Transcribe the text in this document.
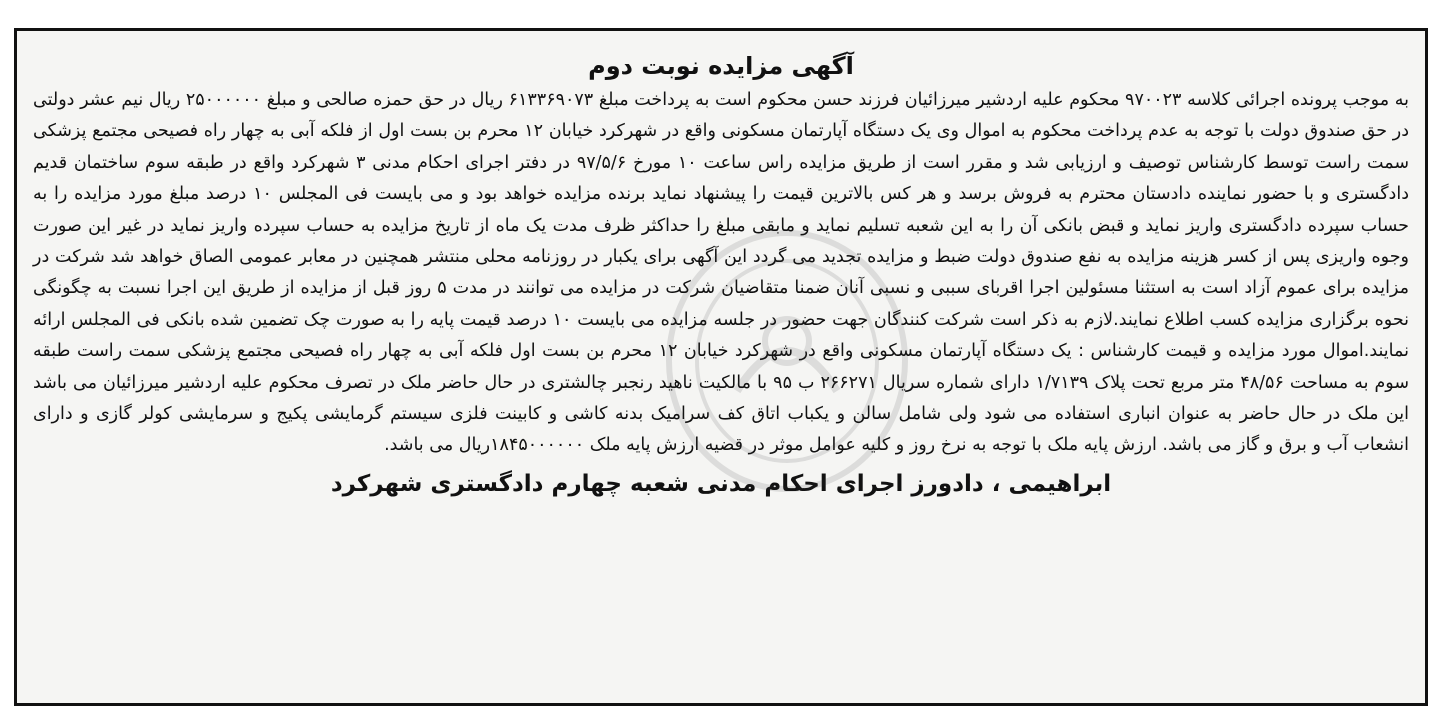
آگهی مزایده نوبت دوم

به موجب پرونده اجرائی کلاسه ۹۷۰۰۲۳ محکوم علیه اردشیر میرزائیان فرزند حسن محکوم است به پرداخت مبلغ ۶۱۳۳۶۹۰۷۳ ریال در حق حمزه صالحی و مبلغ ۲۵۰۰۰۰۰۰ ریال نیم عشر دولتی در حق صندوق دولت با توجه به عدم پرداخت محکوم به اموال وی یک دستگاه آپارتمان مسکونی واقع در شهرکرد خیابان ۱۲ محرم بن بست اول از فلکه آبی به چهار راه فصیحی مجتمع پزشکی سمت راست توسط کارشناس توصیف و ارزیابی شد و مقرر است از طریق مزایده راس ساعت ۱۰ مورخ ۹۷/۵/۶ در دفتر اجرای احکام مدنی ۳ شهرکرد واقع در طبقه سوم ساختمان قدیم دادگستری و با حضور نماینده دادستان محترم به فروش برسد و هر کس بالاترین قیمت را پیشنهاد نماید برنده مزایده خواهد بود و می بایست فی المجلس ۱۰ درصد مبلغ مورد مزایده را به حساب سپرده دادگستری واریز نماید و قبض بانکی آن را به این شعبه تسلیم نماید و مابقی مبلغ را حداکثر ظرف مدت یک ماه از تاریخ مزایده به حساب سپرده واریز نماید در غیر این صورت وجوه واریزی پس از کسر هزینه مزایده به نفع صندوق دولت ضبط و مزایده تجدید می گردد این آگهی برای یکبار در روزنامه محلی منتشر همچنین در معابر عمومی الصاق خواهد شد شرکت در مزایده برای عموم آزاد است به استثنا مسئولین اجرا اقربای سببی و نسبی آنان ضمنا متقاضیان شرکت در مزایده می توانند در مدت ۵ روز قبل از مزایده از طریق این اجرا نسبت به چگونگی نحوه برگزاری مزایده کسب اطلاع نمایند.لازم به ذکر است شرکت کنندگان جهت حضور در جلسه مزایده می بایست ۱۰ درصد قیمت پایه را به صورت چک تضمین شده بانکی فی المجلس ارائه نمایند.اموال مورد مزایده و قیمت کارشناس : یک دستگاه آپارتمان مسکونی واقع در شهرکرد خیابان ۱۲ محرم بن بست اول فلکه آبی به چهار راه فصیحی مجتمع پزشکی سمت راست طبقه سوم به مساحت ۴۸/۵۶ متر مربع تحت پلاک ۱/۷۱۳۹ دارای شماره سریال ۲۶۶۲۷۱ ب ۹۵ با مالکیت ناهید رنجبر چالشتری در حال حاضر ملک در تصرف محکوم علیه اردشیر میرزائیان می باشد این ملک در حال حاضر به عنوان انباری استفاده می شود ولی شامل سالن و یکباب اتاق کف سرامیک بدنه کاشی و کابینت فلزی سیستم گرمایشی پکیج و سرمایشی کولر گازی و دارای انشعاب آب و برق و گاز می باشد. ارزش پایه ملک با توجه به نرخ روز و کلیه عوامل موثر در قضیه ارزش پایه ملک ۱۸۴۵۰۰۰۰۰۰ریال می باشد.

ابراهیمی ، دادورز اجرای احکام مدنی شعبه چهارم دادگستری شهرکرد
